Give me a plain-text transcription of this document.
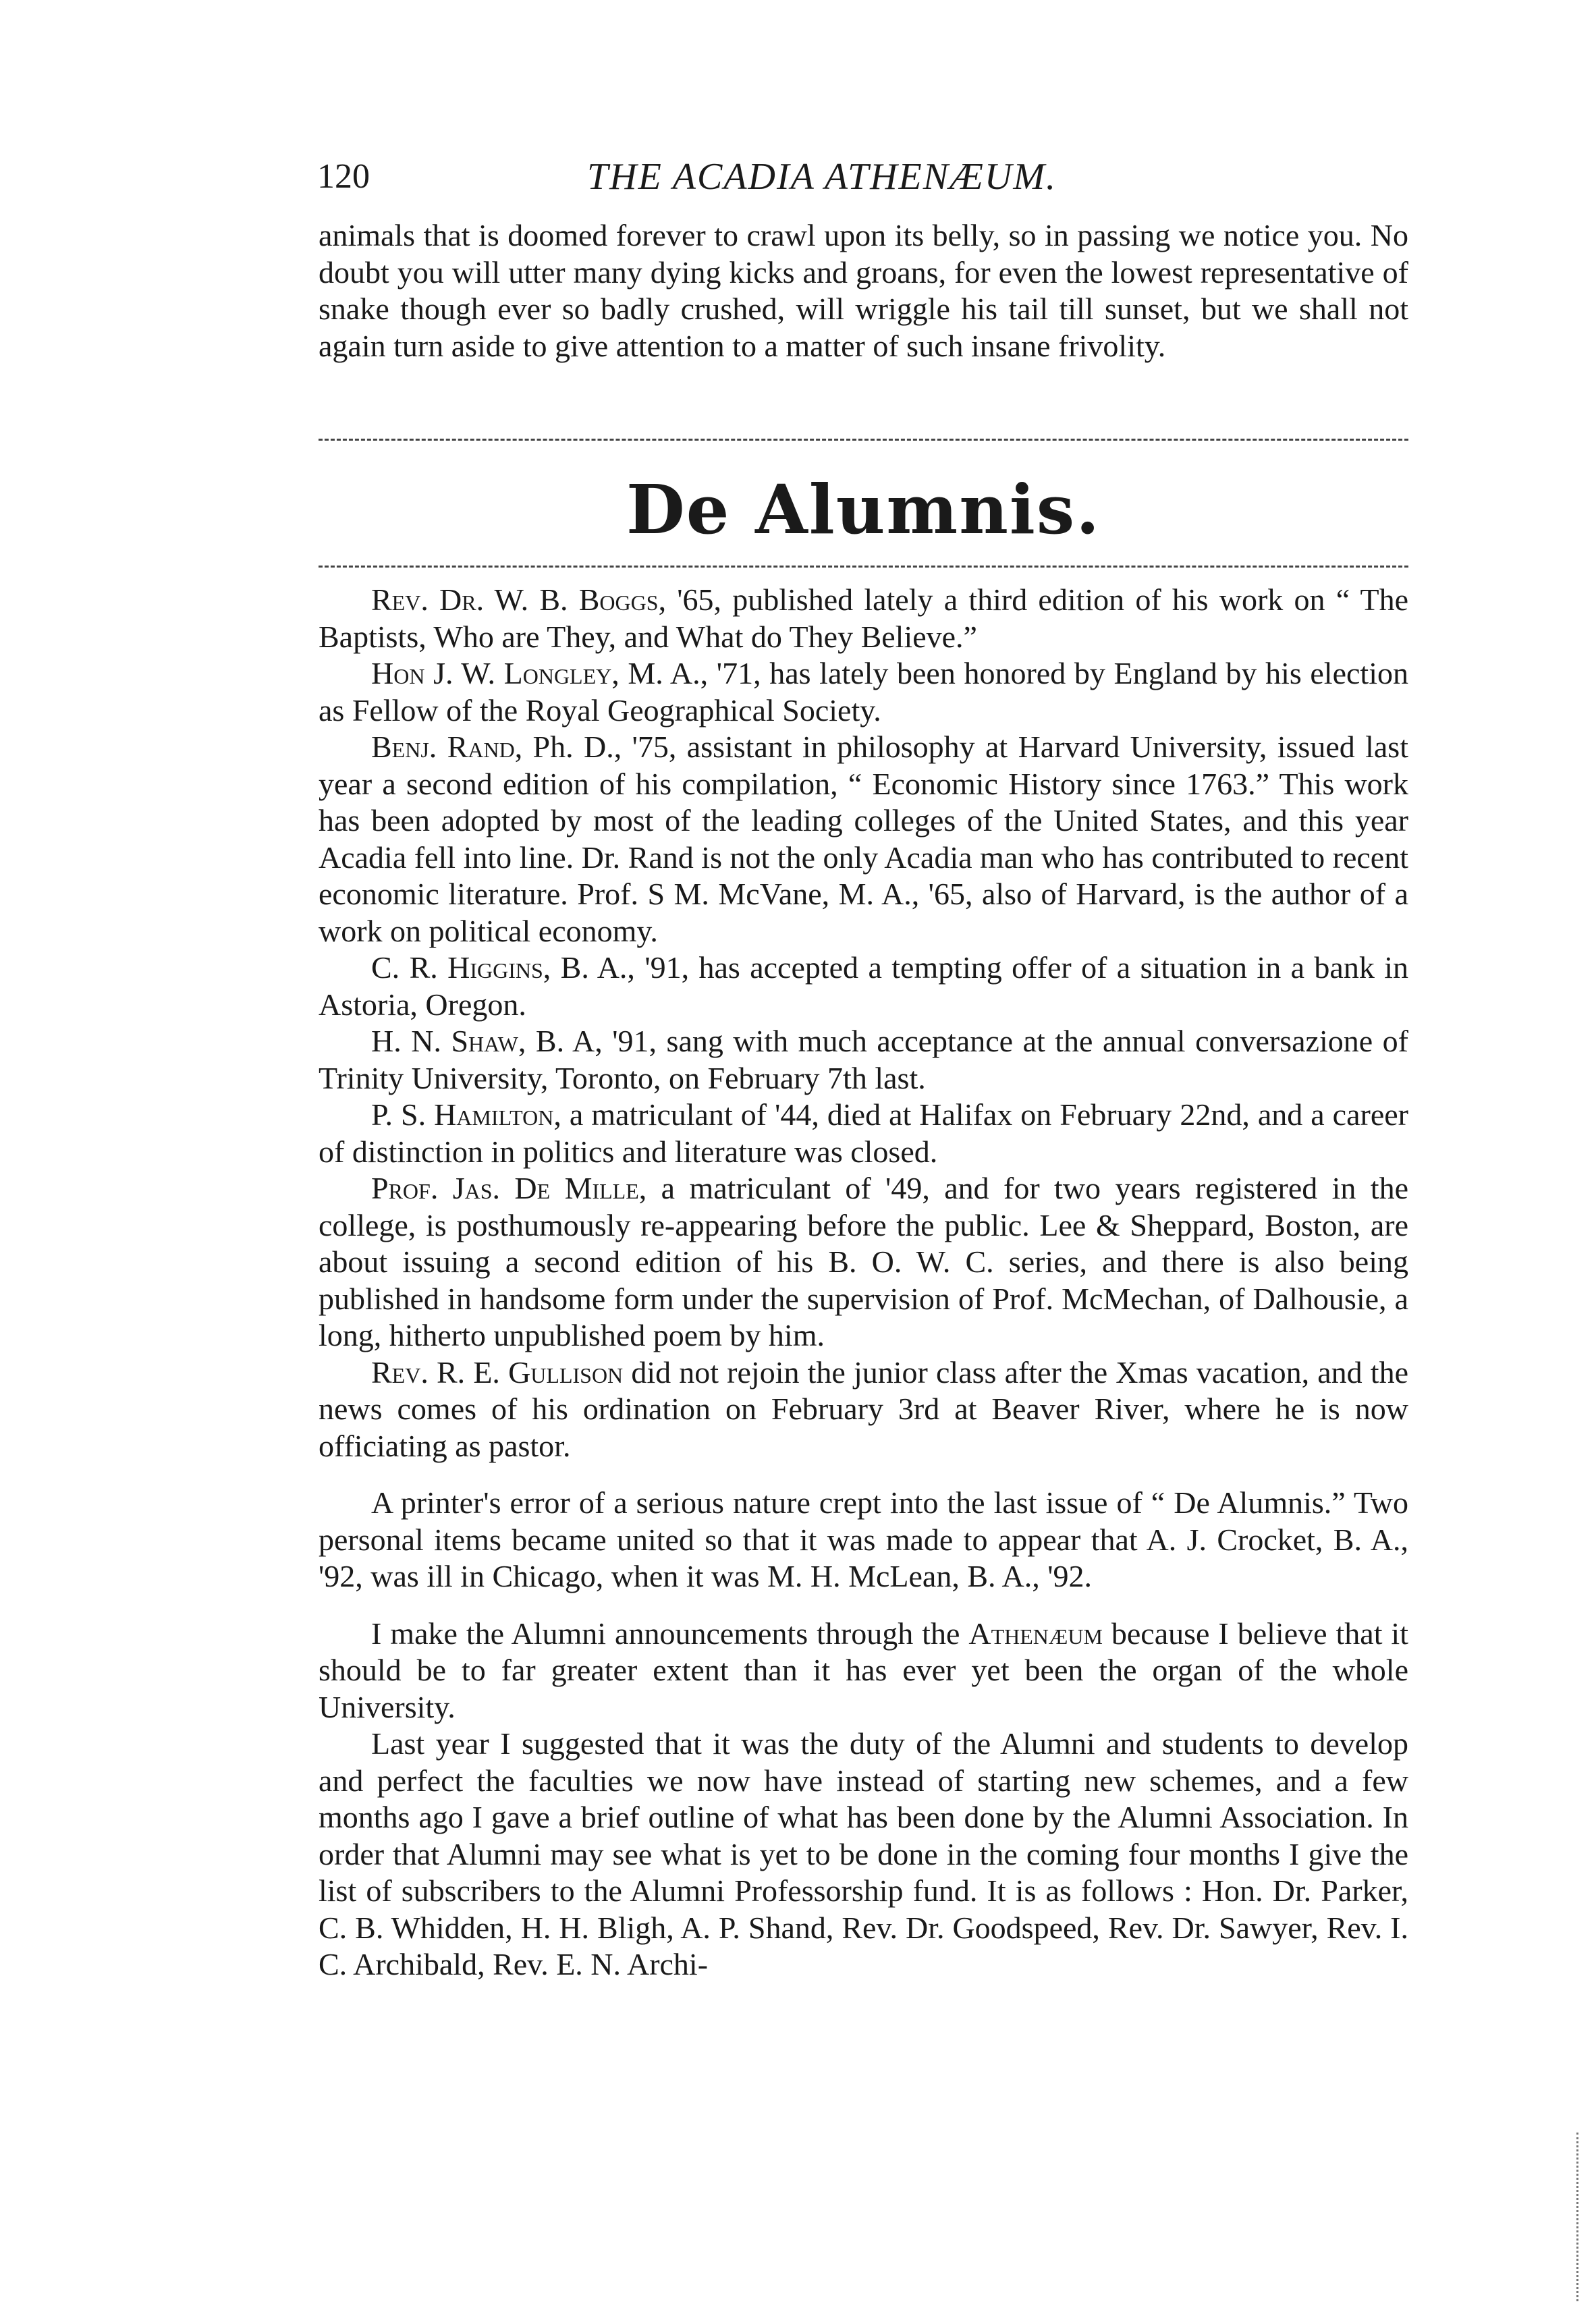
120	THE ACADIA ATHENÆUM.

animals that is doomed forever to crawl upon its belly, so in passing we notice you. No doubt you will utter many dying kicks and groans, for even the lowest representative of snake though ever so badly crushed, will wriggle his tail till sunset, but we shall not again turn aside to give attention to a matter of such insane frivolity.

De Alumnis.

Rev. Dr. W. B. Boggs, '65, published lately a third edition of his work on “ The Baptists, Who are They, and What do They Believe.”

Hon J. W. Longley, M. A., '71, has lately been honored by England by his election as Fellow of the Royal Geographical Society.

Benj. Rand, Ph. D., '75, assistant in philosophy at Harvard University, issued last year a second edition of his compilation, “ Economic History since 1763.” This work has been adopted by most of the leading colleges of the United States, and this year Acadia fell into line. Dr. Rand is not the only Acadia man who has contributed to recent economic literature. Prof. S M. McVane, M. A., '65, also of Harvard, is the author of a work on political economy.

C. R. Higgins, B. A., '91, has accepted a tempting offer of a situation in a bank in Astoria, Oregon.

H. N. Shaw, B. A, '91, sang with much acceptance at the annual conversazione of Trinity University, Toronto, on February 7th last.

P. S. Hamilton, a matriculant of '44, died at Halifax on February 22nd, and a career of distinction in politics and literature was closed.

Prof. Jas. De Mille, a matriculant of '49, and for two years registered in the college, is posthumously re-appearing before the public. Lee & Sheppard, Boston, are about issuing a second edition of his B. O. W. C. series, and there is also being published in handsome form under the supervision of Prof. McMechan, of Dalhousie, a long, hitherto unpublished poem by him.

Rev. R. E. Gullison did not rejoin the junior class after the Xmas vacation, and the news comes of his ordination on February 3rd at Beaver River, where he is now officiating as pastor.

A printer's error of a serious nature crept into the last issue of “ De Alumnis.” Two personal items became united so that it was made to appear that A. J. Crocket, B. A., '92, was ill in Chicago, when it was M. H. McLean, B. A., '92.

I make the Alumni announcements through the Athenæum because I believe that it should be to far greater extent than it has ever yet been the organ of the whole University.

Last year I suggested that it was the duty of the Alumni and students to develop and perfect the faculties we now have instead of starting new schemes, and a few months ago I gave a brief outline of what has been done by the Alumni Association. In order that Alumni may see what is yet to be done in the coming four months I give the list of subscribers to the Alumni Professorship fund. It is as follows : Hon. Dr. Parker, C. B. Whidden, H. H. Bligh, A. P. Shand, Rev. Dr. Goodspeed, Rev. Dr. Sawyer, Rev. I. C. Archibald, Rev. E. N. Archi-
